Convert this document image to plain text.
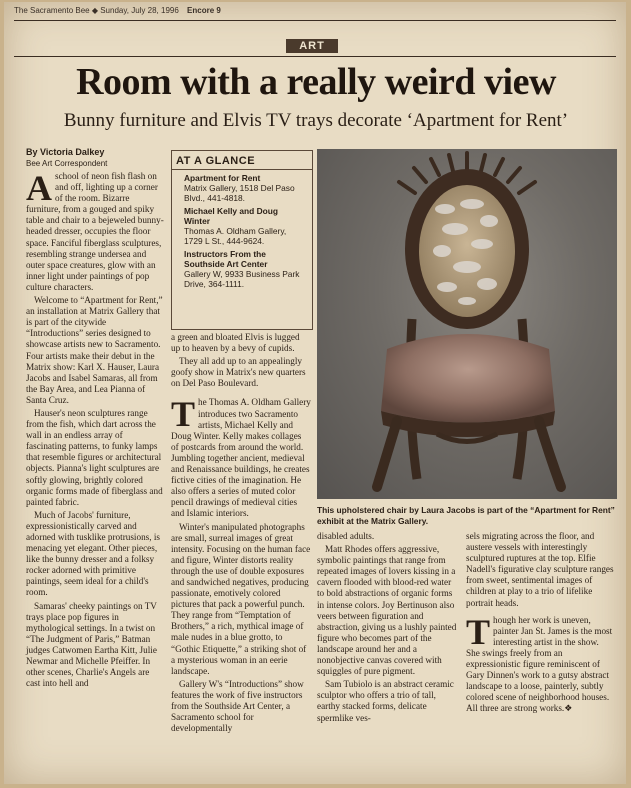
The Sacramento Bee ◆ Sunday, July 28, 1996 Encore 9
ART
Room with a really weird view
Bunny furniture and Elvis TV trays decorate ‘Apartment for Rent’
By Victoria Dalkey
Bee Art Correspondent

A school of neon fish flash on and off, lighting up a corner of the room. Bizarre furniture, from a gouged and spiky table and chair to a bejeweled bunny-headed dresser, occupies the floor space. Fanciful fiberglass sculptures, resembling strange undersea and outer space creatures, glow with an inner light under paintings of pop culture characters.

Welcome to “Apartment for Rent,” an installation at Matrix Gallery that is part of the citywide “Introductions” series designed to showcase artists new to Sacramento. Four artists make their debut in the Matrix show: Karl X. Hauser, Laura Jacobs and Isabel Samaras, all from the Bay Area, and Lea Pianna of Santa Cruz.

Hauser's neon sculptures range from the fish, which dart across the wall in an endless array of fascinating patterns, to funky lamps that resemble figures or architectural objects. Pianna's light sculptures are softly glowing, brightly colored organic forms made of fiberglass and painted fabric.

Much of Jacobs' furniture, expressionistically carved and adorned with tusklike protrusions, is menacing yet elegant. Other pieces, like the bunny dresser and a folksy rocker adorned with primitive paintings, seem ideal for a child's room.

Samaras' cheeky paintings on TV trays place pop figures in mythological settings. In a twist on “The Judgment of Paris,” Batman judges Catwomen Eartha Kitt, Julie Newmar and Michelle Pfeiffer. In other scenes, Charlie's Angels are cast into hell and

AT A GLANCE
Apartment for Rent
Matrix Gallery, 1518 Del Paso Blvd., 441-4818.
Michael Kelly and Doug Winter
Thomas A. Oldham Gallery, 1729 L St., 444-9624.
Instructors From the Southside Art Center
Gallery W, 9933 Business Park Drive, 364-1111.

a green and bloated Elvis is lugged up to heaven by a bevy of cupids.

They all add up to an appealingly goofy show in Matrix's new quarters on Del Paso Boulevard.

The Thomas A. Oldham Gallery introduces two Sacramento artists, Michael Kelly and Doug Winter. Kelly makes collages of postcards from around the world. Jumbling together ancient, medieval and Renaissance buildings, he creates fictive cities of the imagination. He also offers a series of muted color pencil drawings of medieval cities and Islamic interiors.

Winter's manipulated photographs are small, surreal images of great intensity. Focusing on the human face and figure, Winter distorts reality through the use of double exposures and sandwiched negatives, producing passionate, emotively colored pictures that pack a powerful punch. They range from “Temptation of Brothers,” a rich, mythical image of male nudes in a blue grotto, to “Gothic Etiquette,” a striking shot of a mysterious woman in an eerie landscape.

Gallery W's “Introductions” show features the work of five instructors from the Southside Art Center, a Sacramento school for developmentally

This upholstered chair by Laura Jacobs is part of the “Apartment for Rent” exhibit at the Matrix Gallery.

disabled adults.

Matt Rhodes offers aggressive, symbolic paintings that range from repeated images of lovers kissing in a cavern flooded with blood-red water to bold abstractions of organic forms in intense colors. Joy Bertinuson also veers between figuration and abstraction, giving us a lushly painted figure who becomes part of the landscape around her and a nonobjective canvas covered with squiggles of pure pigment.

Sam Tubiolo is an abstract ceramic sculptor who offers a trio of tall, earthy stacked forms, delicate spermlike ves-

sels migrating across the floor, and austere vessels with interestingly sculptured ruptures at the top. Elfie Nadell's figurative clay sculpture ranges from sweet, sentimental images of children at play to a trio of lifelike portrait heads.

Though her work is uneven, painter Jan St. James is the most interesting artist in the show. She swings freely from an expressionistic figure reminiscent of Gary Dinnen's work to a gutsy abstract landscape to a loose, painterly, subtly colored scene of neighborhood houses. All three are strong works.❖
